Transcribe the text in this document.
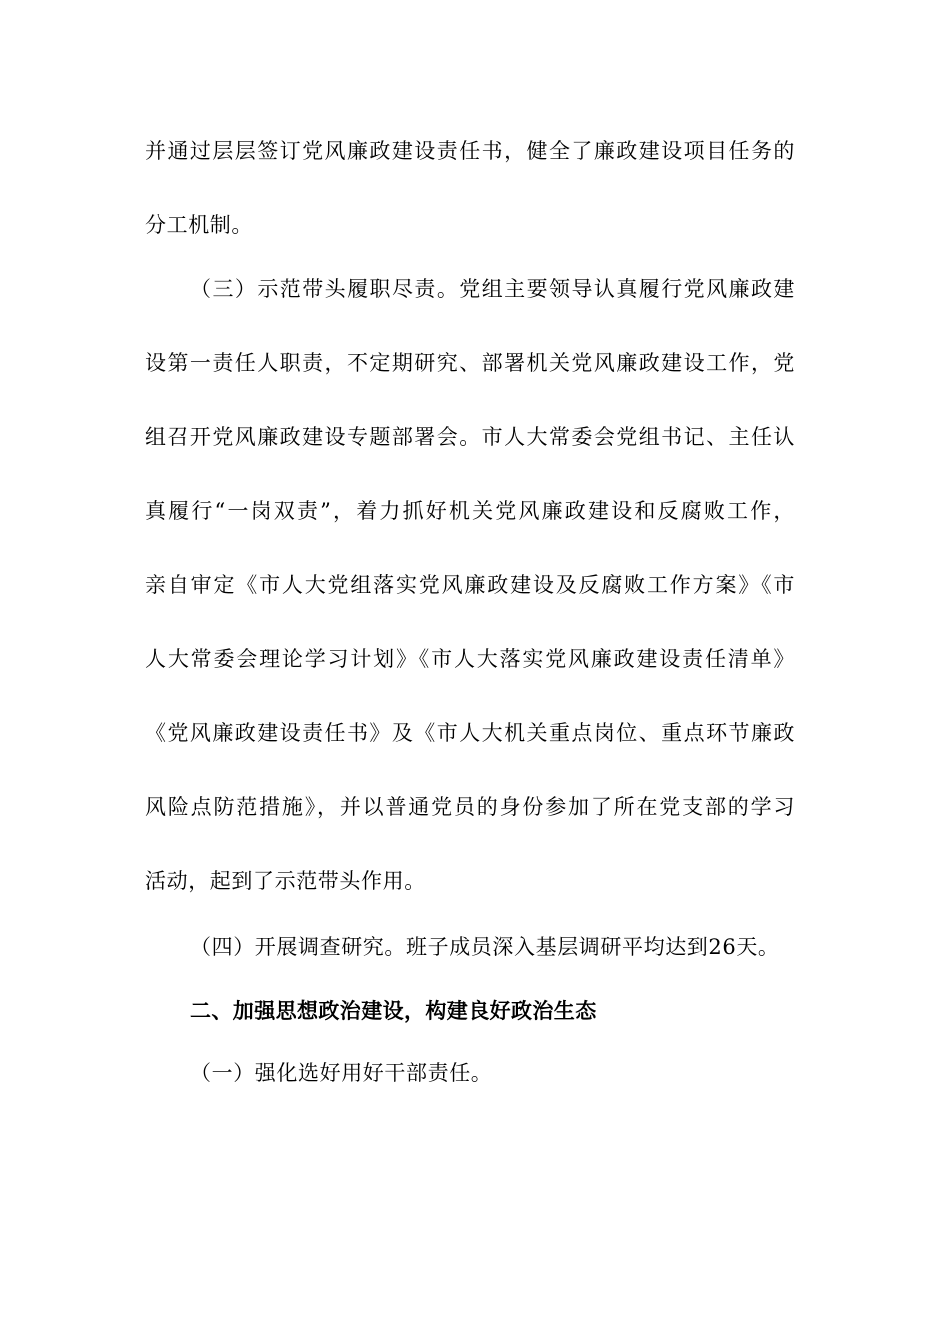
并通过层层签订党风廉政建设责任书，健全了廉政建设项目任务的
分工机制。
（三）示范带头履职尽责。党组主要领导认真履行党风廉政建
设第一责任人职责，不定期研究、部署机关党风廉政建设工作，党
组召开党风廉政建设专题部署会。市人大常委会党组书记、主任认
真履行“一岗双责”，着力抓好机关党风廉政建设和反腐败工作，
亲自审定《市人大党组落实党风廉政建设及反腐败工作方案》《市
人大常委会理论学习计划》《市人大落实党风廉政建设责任清单》
《党风廉政建设责任书》及《市人大机关重点岗位、重点环节廉政
风险点防范措施》，并以普通党员的身份参加了所在党支部的学习
活动，起到了示范带头作用。
（四）开展调查研究。班子成员深入基层调研平均达到26天。
二、加强思想政治建设，构建良好政治生态
（一）强化选好用好干部责任。
